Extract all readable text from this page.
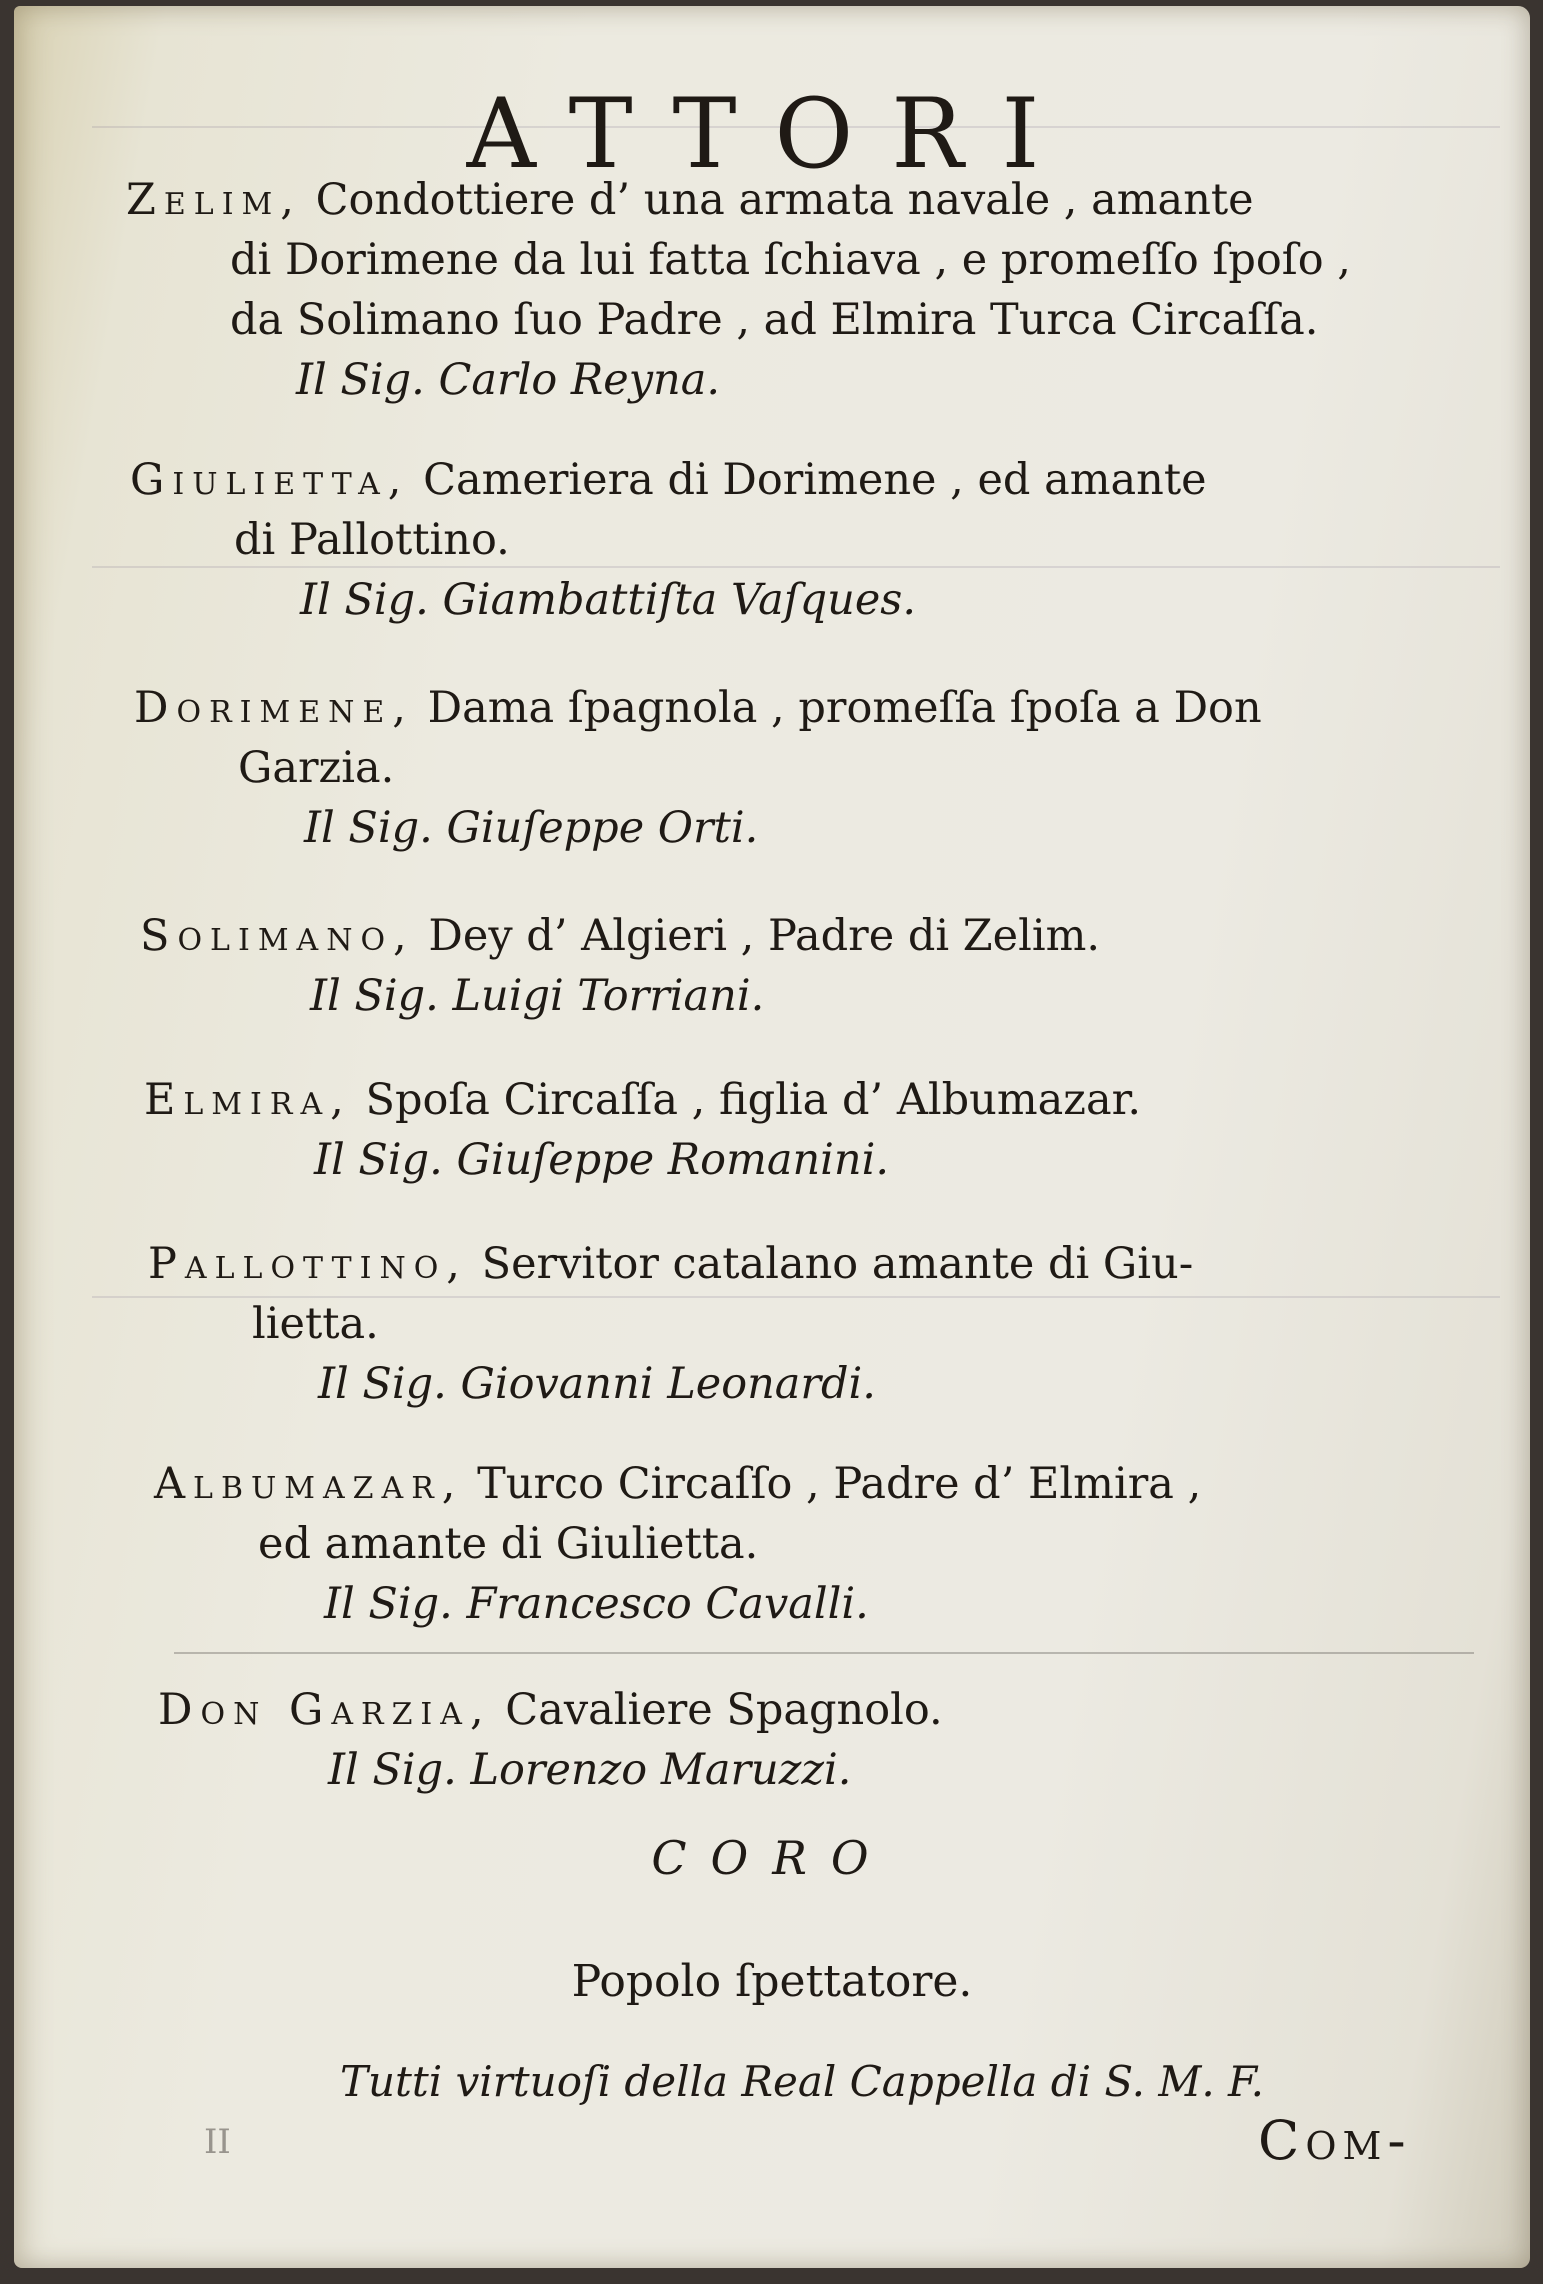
ATTORI
Zelim, Condottiere d’ una armata navale , amante
di Dorimene da lui fatta ſchiava , e promeſſo ſpoſo ,
da Solimano ſuo Padre , ad Elmira Turca Circaſſa.
Il Sig. Carlo Reyna.
Giulietta, Cameriera di Dorimene , ed amante
di Pallottino.
Il Sig. Giambattiſta Vaſques.
Dorimene, Dama ſpagnola , promeſſa ſpoſa a Don
Garzia.
Il Sig. Giuſeppe Orti.
Solimano, Dey d’ Algieri , Padre di Zelim.
Il Sig. Luigi Torriani.
Elmira, Spoſa Circaſſa , figlia d’ Albumazar.
Il Sig. Giuſeppe Romanini.
Pallottino, Servitor catalano amante di Giu-
lietta.
Il Sig. Giovanni Leonardi.
Albumazar, Turco Circaſſo , Padre d’ Elmira ,
ed amante di Giulietta.
Il Sig. Francesco Cavalli.
Don Garzia, Cavaliere Spagnolo.
Il Sig. Lorenzo Maruzzi.
CORO
Popolo ſpettatore.
Tutti virtuoſi della Real Cappella di S. M. F.
II	Com-
